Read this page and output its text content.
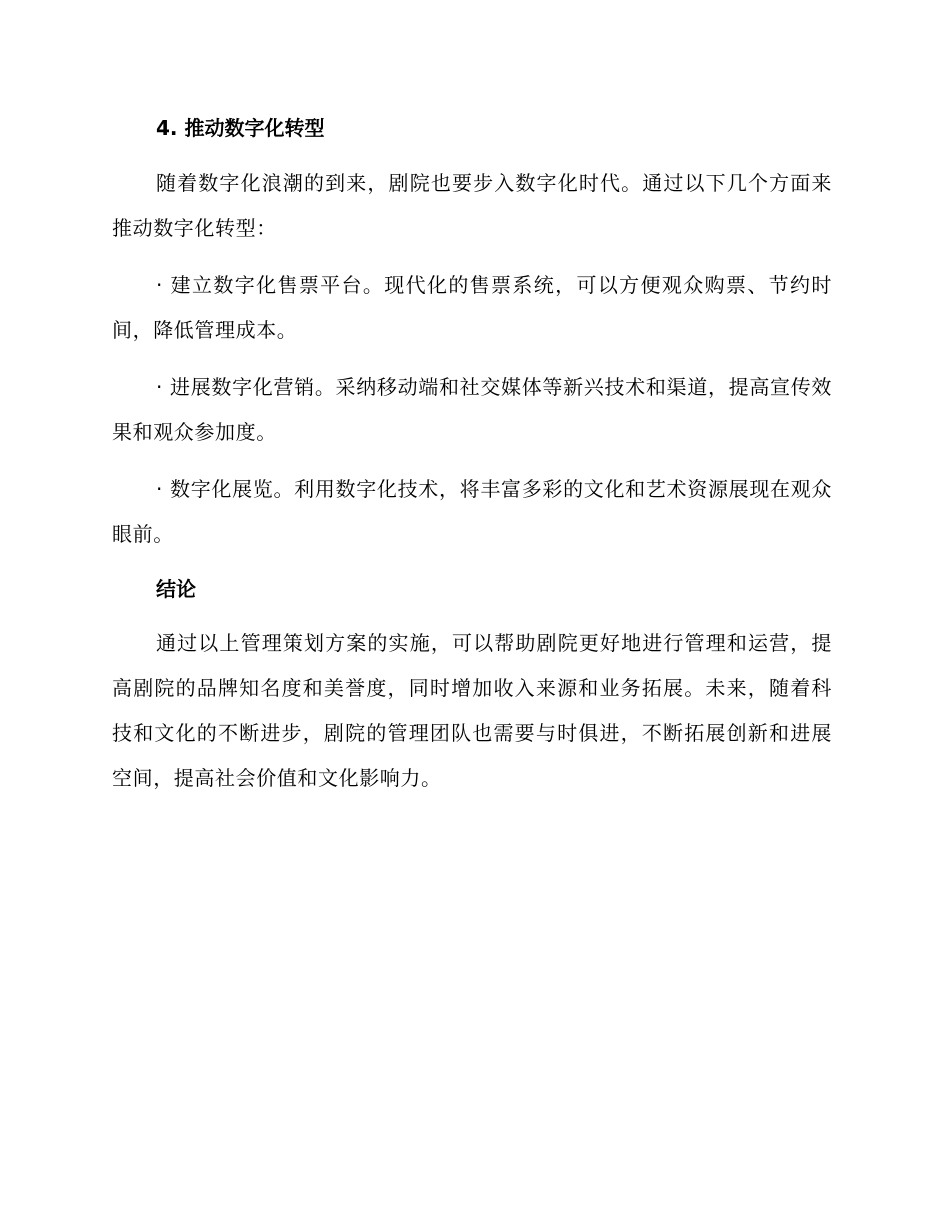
4. 推动数字化转型

随着数字化浪潮的到来，剧院也要步入数字化时代。通过以下几个方面来推动数字化转型：

· 建立数字化售票平台。现代化的售票系统，可以方便观众购票、节约时间，降低管理成本。

· 进展数字化营销。采纳移动端和社交媒体等新兴技术和渠道，提高宣传效果和观众参加度。

· 数字化展览。利用数字化技术，将丰富多彩的文化和艺术资源展现在观众眼前。

结论

通过以上管理策划方案的实施，可以帮助剧院更好地进行管理和运营，提高剧院的品牌知名度和美誉度，同时增加收入来源和业务拓展。未来，随着科技和文化的不断进步，剧院的管理团队也需要与时俱进，不断拓展创新和进展空间，提高社会价值和文化影响力。
